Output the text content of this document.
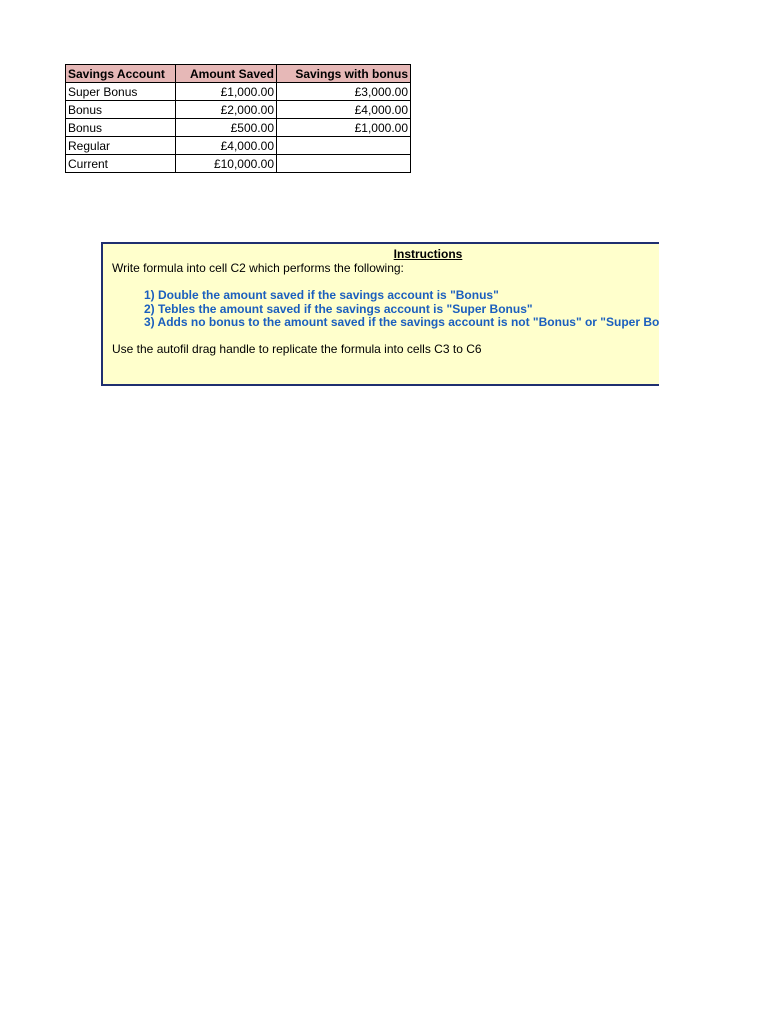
Savings Account	Amount Saved	Savings with bonus
Super Bonus	£1,000.00	£3,000.00
Bonus	£2,000.00	£4,000.00
Bonus	£500.00	£1,000.00
Regular	£4,000.00	
Current	£10,000.00	
Instructions
Write formula into cell C2 which performs the following:
1) Double the amount saved if the savings account is "Bonus"
2) Tebles the amount saved if the savings account is "Super Bonus"
3) Adds no bonus to the amount saved if the savings account is not "Bonus" or "Super Bo
Use the autofil drag handle to replicate the formula into cells C3 to C6
